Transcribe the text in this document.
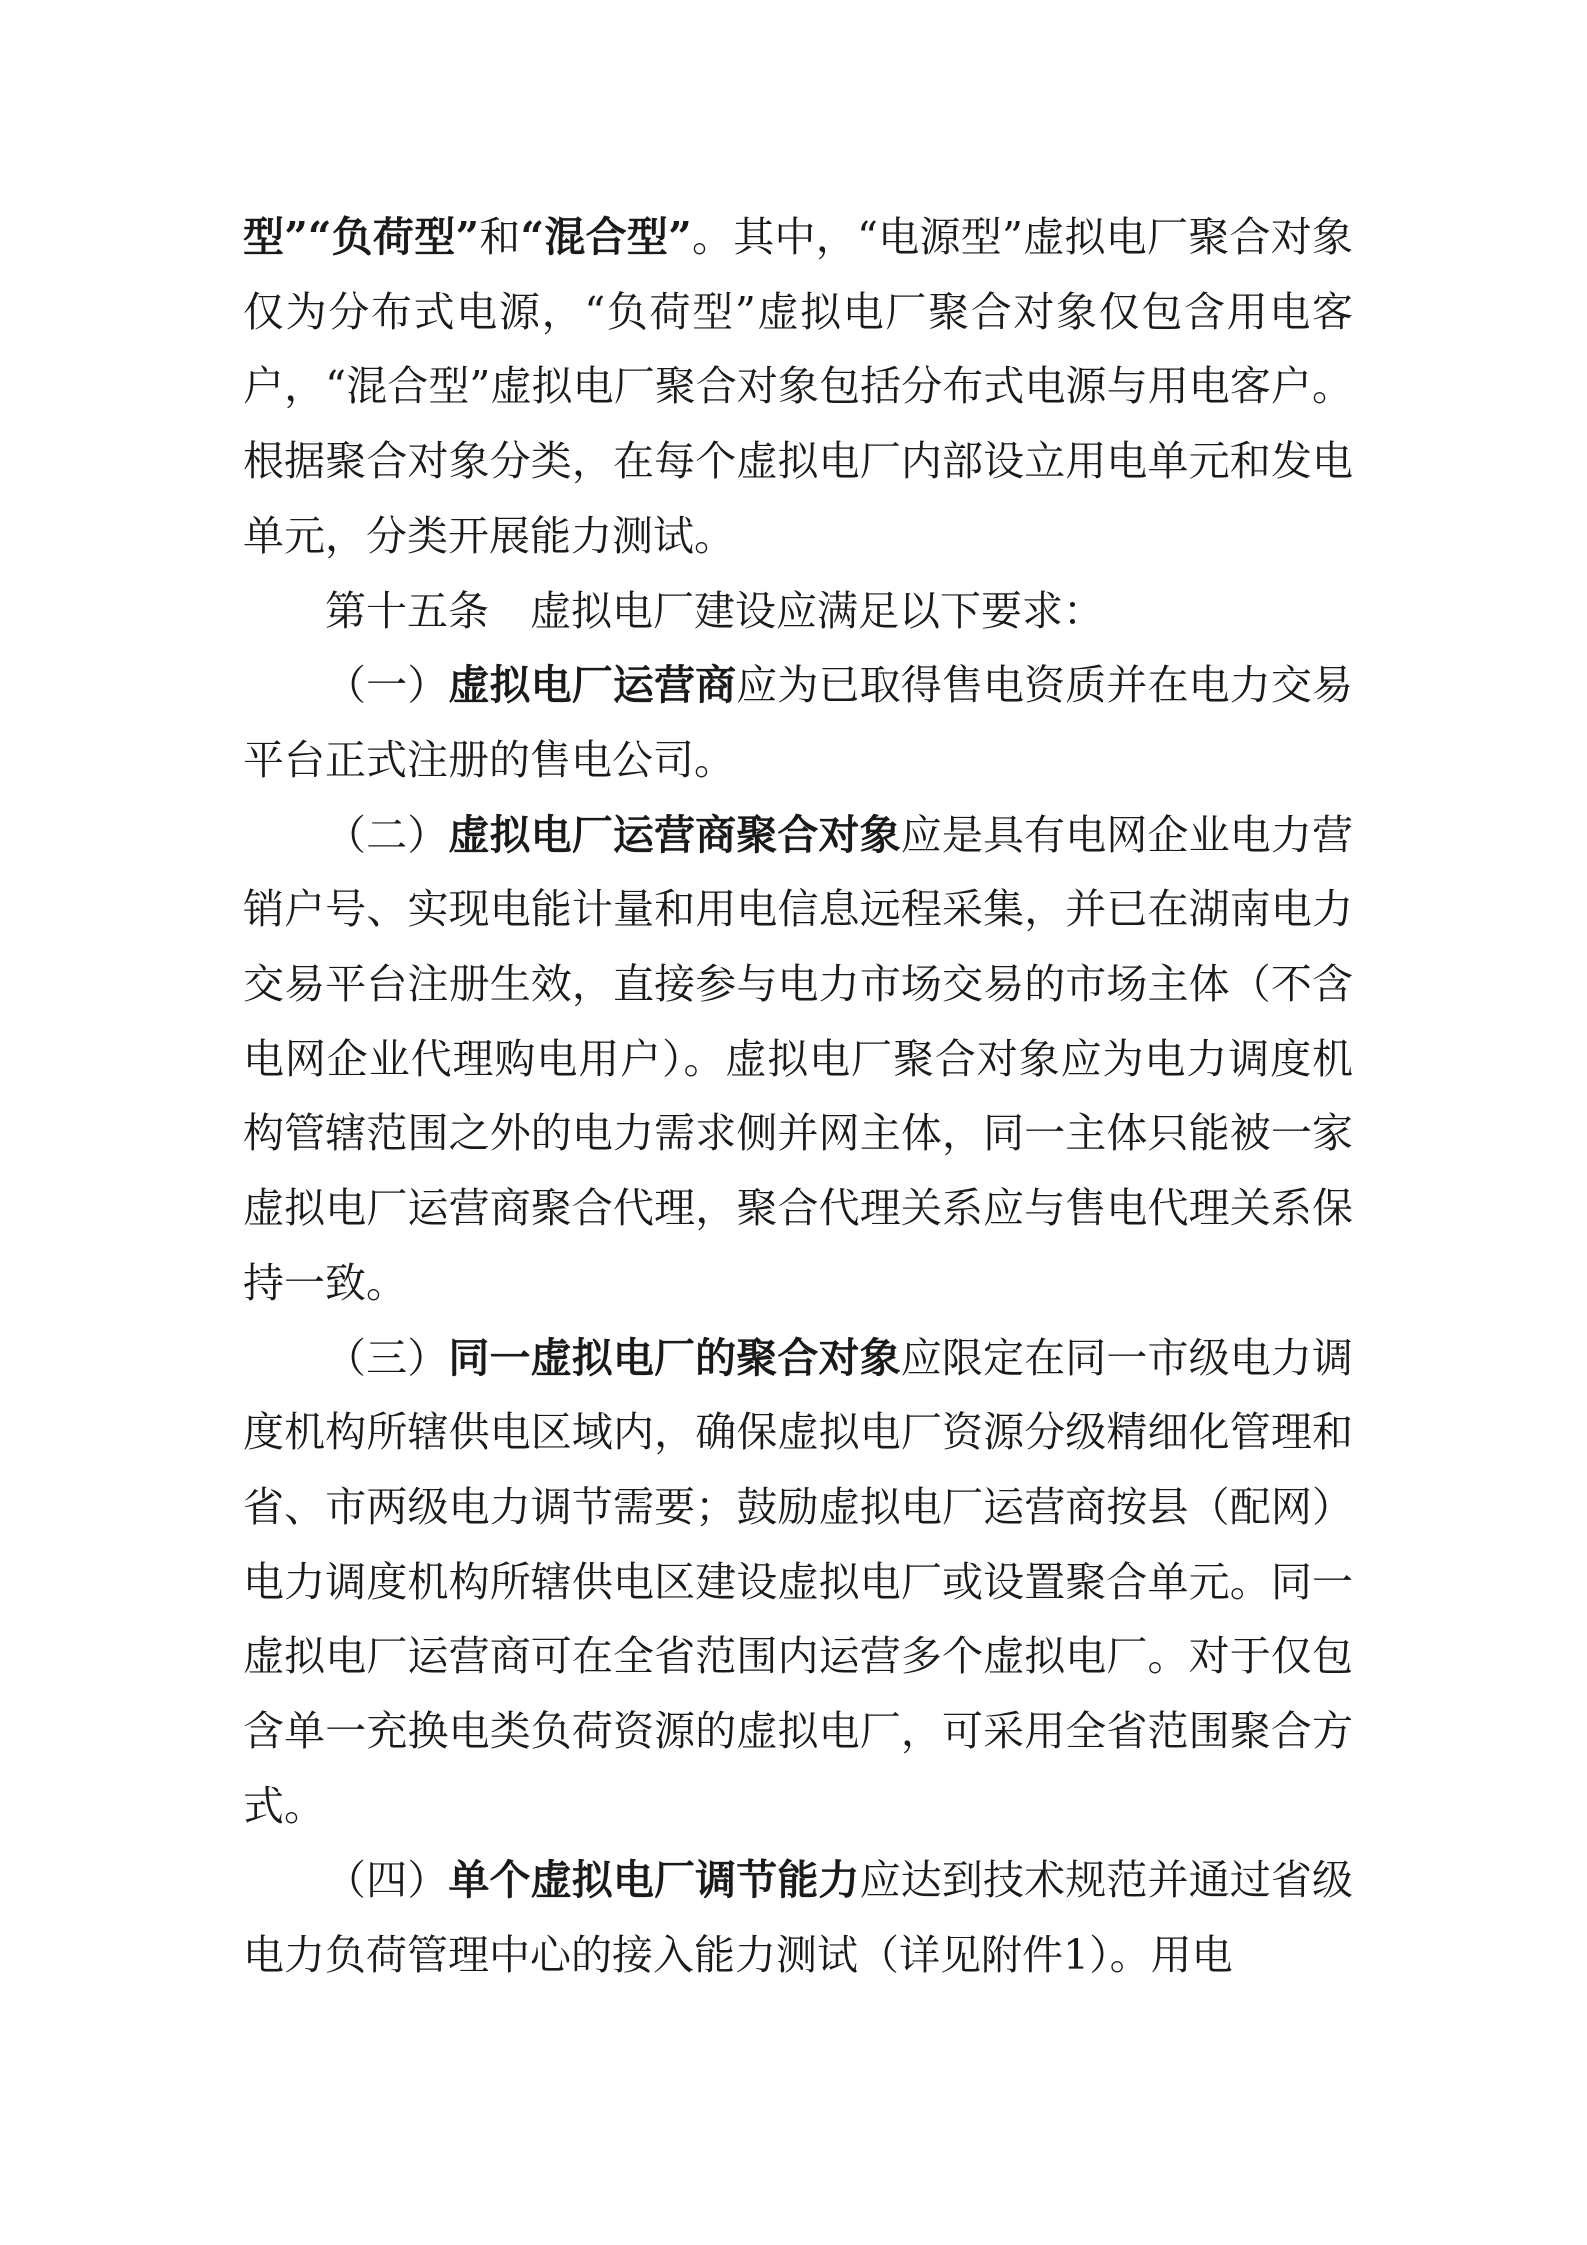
型”“负荷型”和“混合型”。其中，“电源型”虚拟电厂聚合对象仅为分布式电源，“负荷型”虚拟电厂聚合对象仅包含用电客户，“混合型”虚拟电厂聚合对象包括分布式电源与用电客户。根据聚合对象分类，在每个虚拟电厂内部设立用电单元和发电单元，分类开展能力测试。

第十五条 虚拟电厂建设应满足以下要求：

（一）虚拟电厂运营商应为已取得售电资质并在电力交易平台正式注册的售电公司。

（二）虚拟电厂运营商聚合对象应是具有电网企业电力营销户号、实现电能计量和用电信息远程采集，并已在湖南电力交易平台注册生效，直接参与电力市场交易的市场主体（不含电网企业代理购电用户）。虚拟电厂聚合对象应为电力调度机构管辖范围之外的电力需求侧并网主体，同一主体只能被一家虚拟电厂运营商聚合代理，聚合代理关系应与售电代理关系保持一致。

（三）同一虚拟电厂的聚合对象应限定在同一市级电力调度机构所辖供电区域内，确保虚拟电厂资源分级精细化管理和省、市两级电力调节需要；鼓励虚拟电厂运营商按县（配网）电力调度机构所辖供电区建设虚拟电厂或设置聚合单元。同一虚拟电厂运营商可在全省范围内运营多个虚拟电厂。对于仅包含单一充换电类负荷资源的虚拟电厂，可采用全省范围聚合方式。

（四）单个虚拟电厂调节能力应达到技术规范并通过省级电力负荷管理中心的接入能力测试（详见附件1）。用电
